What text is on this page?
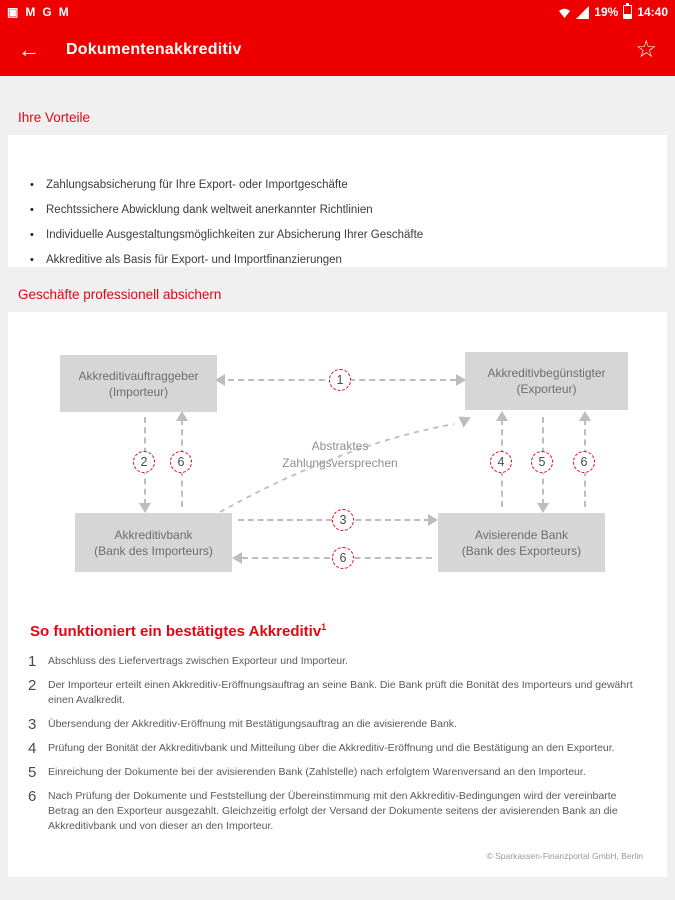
▣ M G M	19% 14:40
← Dokumentenakkreditiv	☆
Ihre Vorteile
•	Zahlungsabsicherung für Ihre Export- oder Importgeschäfte
•	Rechtssichere Abwicklung dank weltweit anerkannter Richtlinien
•	Individuelle Ausgestaltungsmöglichkeiten zur Absicherung Ihrer Geschäfte
•	Akkreditive als Basis für Export- und Importfinanzierungen
Geschäfte professionell absichern
Akkreditivauftraggeber
(Importeur)
Akkreditivbegünstigter
(Exporteur)
Akkreditivbank
(Bank des Importeurs)
Avisierende Bank
(Bank des Exporteurs)
1
2	6
3
6
4	5	6
Abstraktes
Zahlungsversprechen
So funktioniert ein bestätigtes Akkreditiv$^1$
1	Abschluss des Liefervertrags zwischen Exporteur und Importeur.
2	Der Importeur erteilt einen Akkreditiv-Eröffnungsauftrag an seine Bank. Die Bank prüft die Bonität des Importeurs und gewährt einen Avalkredit.
3	Übersendung der Akkreditiv-Eröffnung mit Bestätigungsauftrag an die avisierende Bank.
4	Prüfung der Bonität der Akkreditivbank und Mitteilung über die Akkreditiv-Eröffnung und die Bestätigung an den Exporteur.
5	Einreichung der Dokumente bei der avisierenden Bank (Zahlstelle) nach erfolgtem Warenversand an den Importeur.
6	Nach Prüfung der Dokumente und Feststellung der Übereinstimmung mit den Akkreditiv-Bedingungen wird der vereinbarte Betrag an den Exporteur ausgezahlt. Gleichzeitig erfolgt der Versand der Dokumente seitens der avisierenden Bank an die Akkreditivbank und von dieser an den Importeur.
© Sparkassen-Finanzportal GmbH, Berlin
